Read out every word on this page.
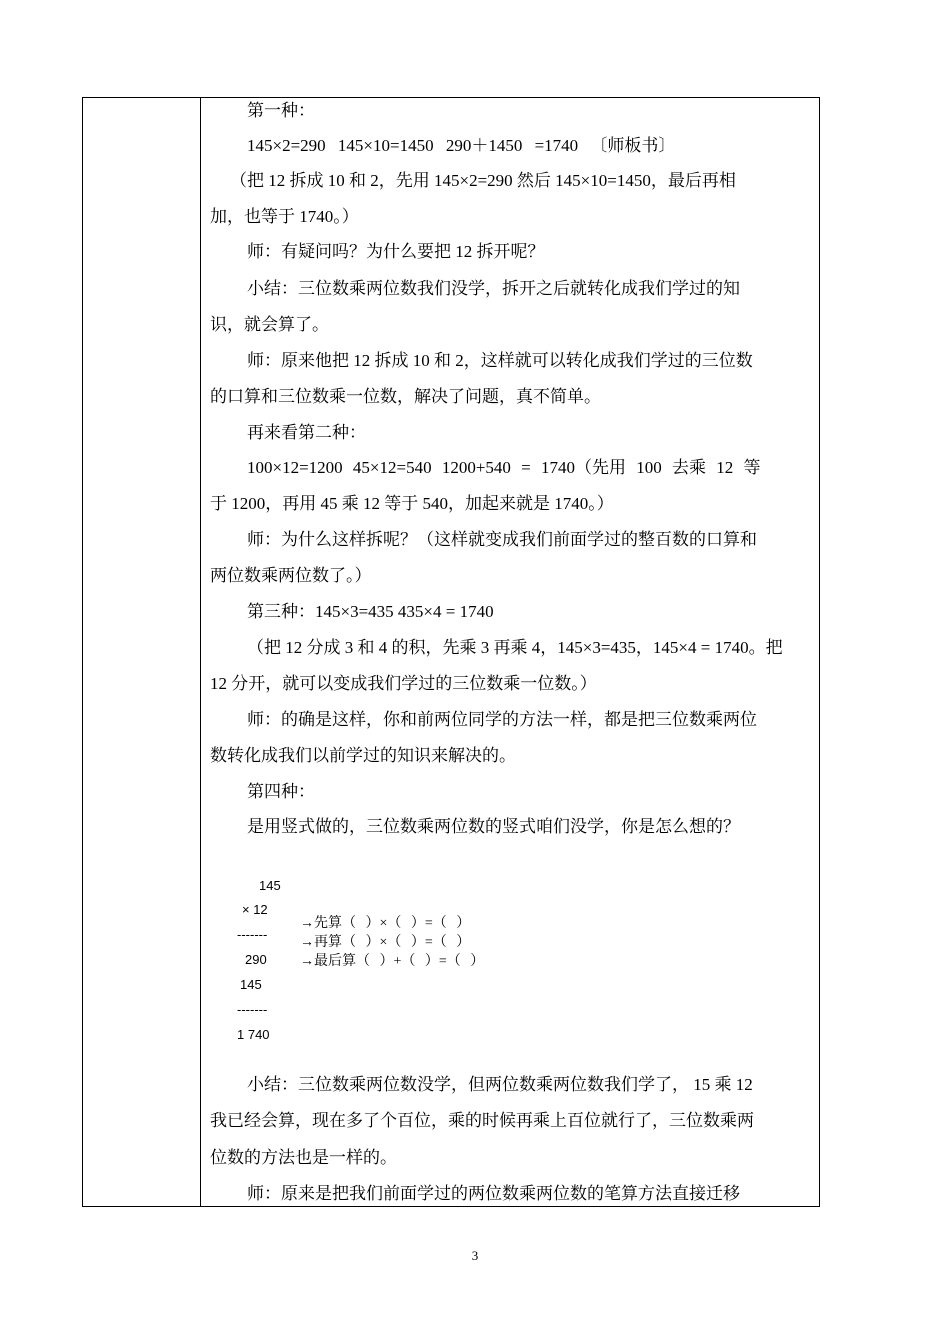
第一种：
145×2=290 145×10=1450 290＋1450 =1740 〔师板书〕
（把 12 拆成 10 和 2，先用 145×2=290 然后 145×10=1450，最后再相
加，也等于 1740。）
师：有疑问吗？为什么要把 12 拆开呢？
小结：三位数乘两位数我们没学，拆开之后就转化成我们学过的知
识，就会算了。
师：原来他把 12 拆成 10 和 2，这样就可以转化成我们学过的三位数
的口算和三位数乘一位数，解决了问题，真不简单。
再来看第二种：
100×12=1200 45×12=540 1200+540 = 1740（先用 100 去乘 12 等
于 1200，再用 45 乘 12 等于 540，加起来就是 1740。）
师：为什么这样拆呢？（这样就变成我们前面学过的整百数的口算和
两位数乘两位数了。）
第三种：145×3=435 435×4 = 1740
（把 12 分成 3 和 4 的积，先乘 3 再乘 4，145×3=435，145×4 = 1740。把
12 分开，就可以变成我们学过的三位数乘一位数。）
师：的确是这样，你和前两位同学的方法一样，都是把三位数乘两位
数转化成我们以前学过的知识来解决的。
第四种：
是用竖式做的，三位数乘两位数的竖式咱们没学，你是怎么想的？
145
× 12
-------
290
145
-------
1 740
→先算（ ）×（ ）=（ ）
→再算（ ）×（ ）=（ ）
→最后算（ ）+（ ）=（ ）
小结：三位数乘两位数没学，但两位数乘两位数我们学了， 15 乘 12
我已经会算，现在多了个百位，乘的时候再乘上百位就行了，三位数乘两
位数的方法也是一样的。
师：原来是把我们前面学过的两位数乘两位数的笔算方法直接迁移
3
